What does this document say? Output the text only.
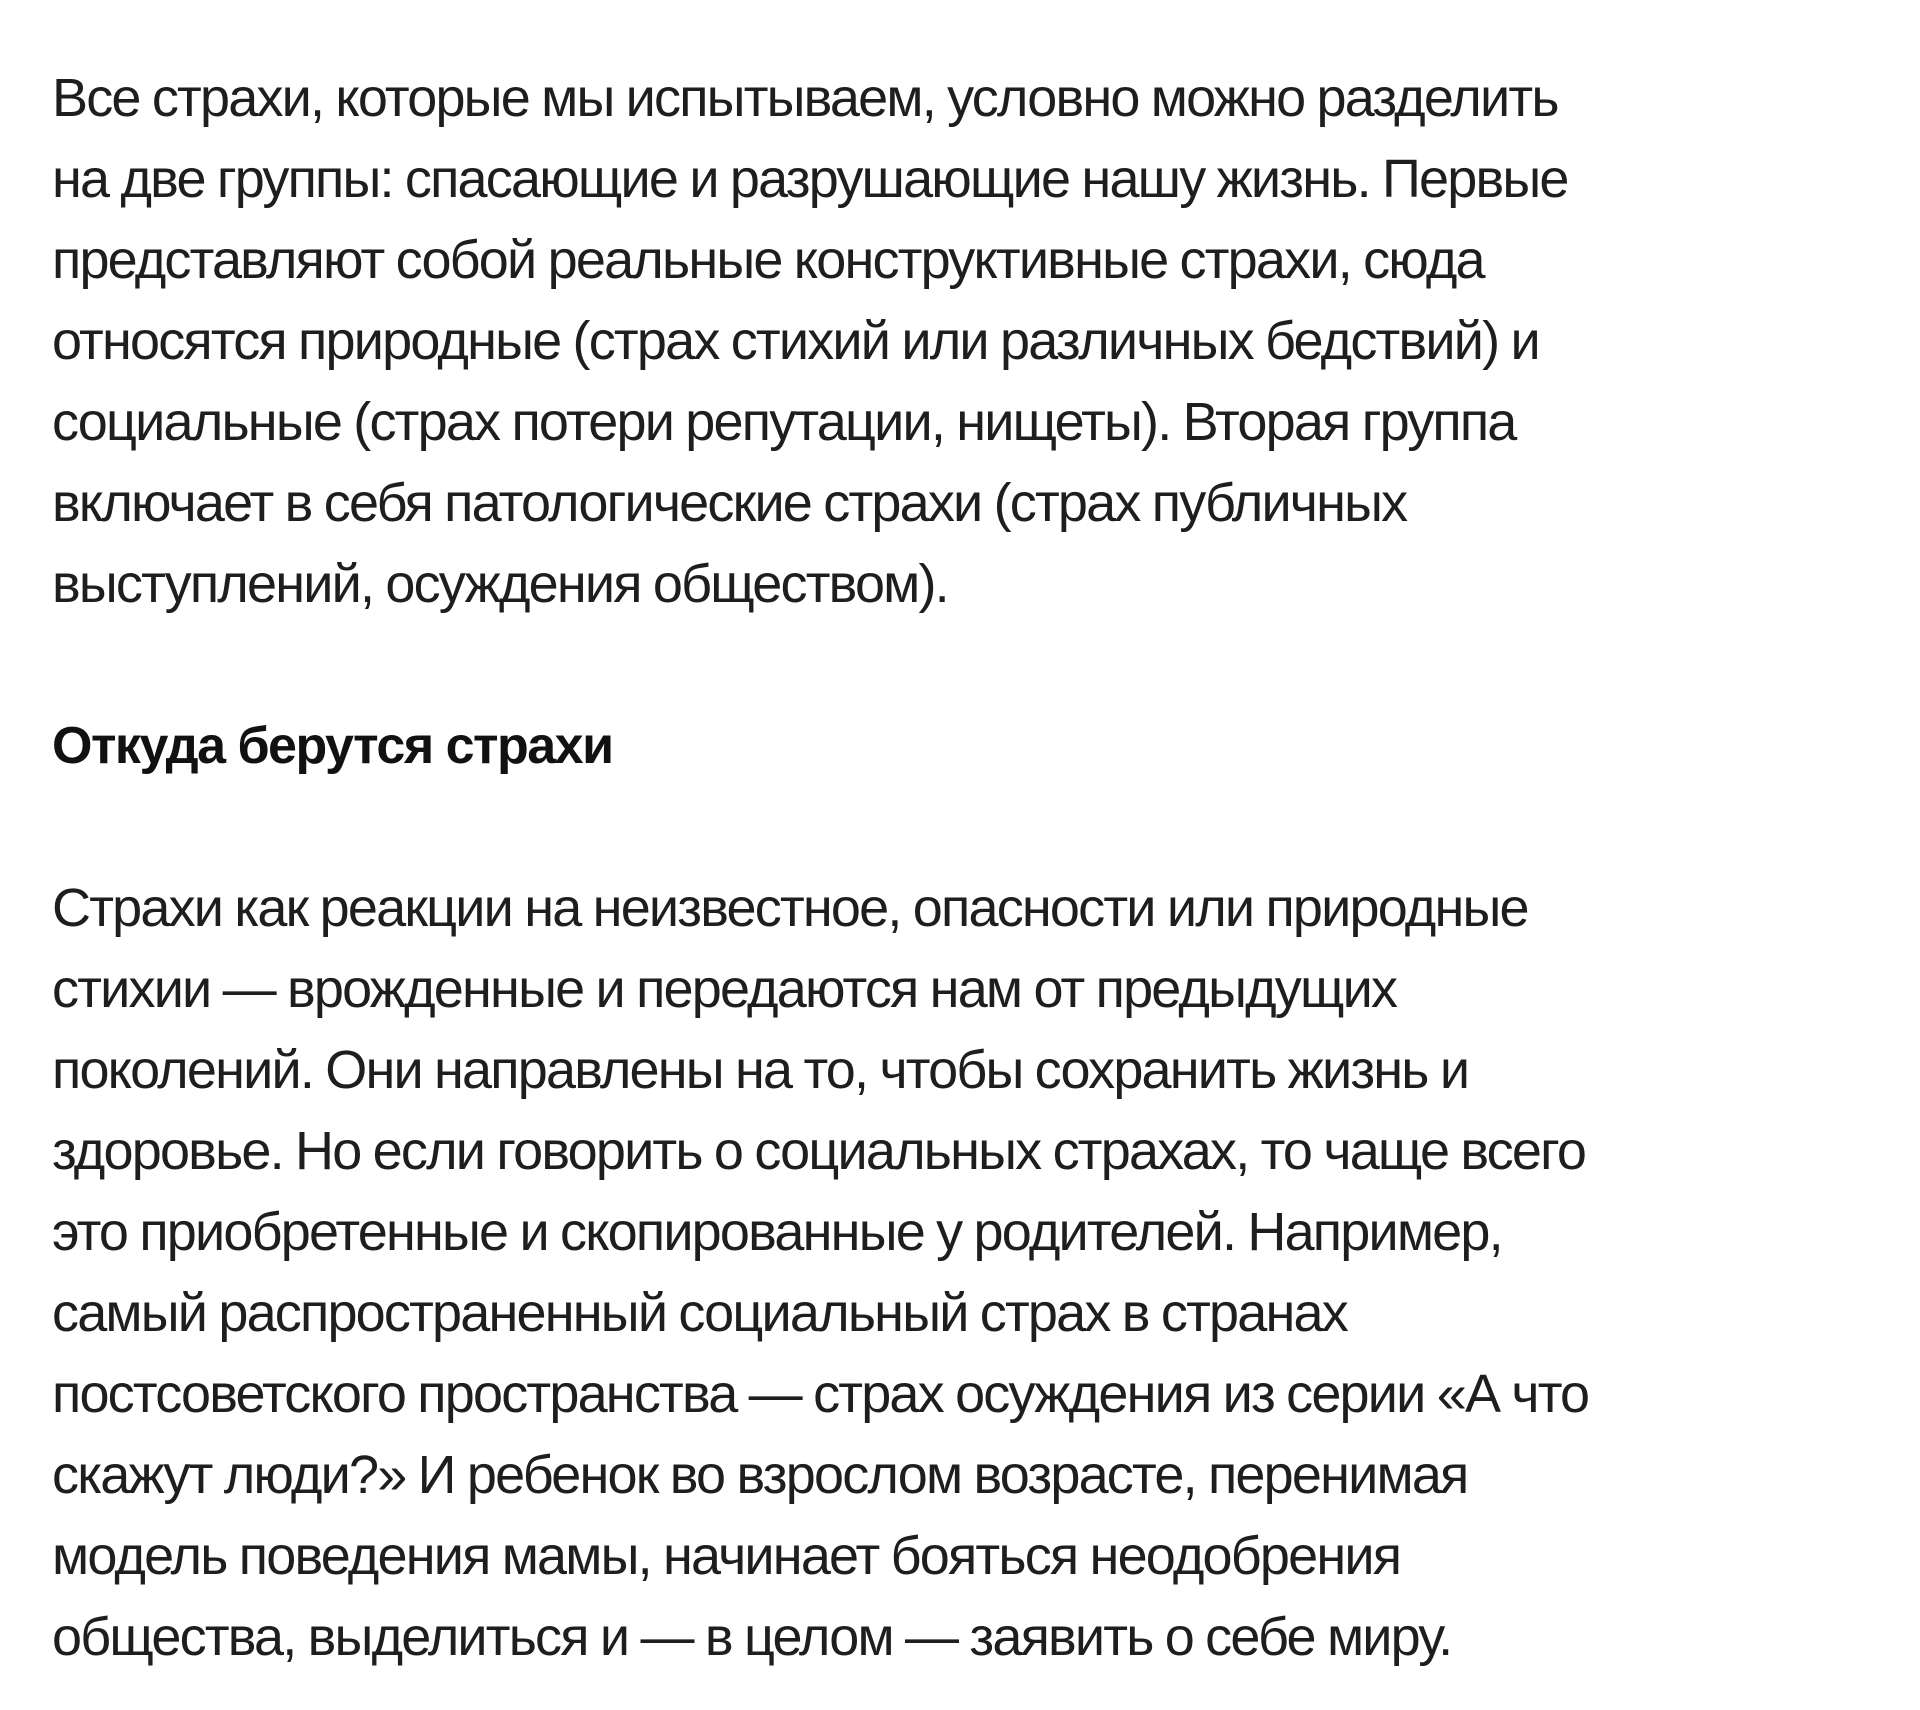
Все страхи, которые мы испытываем, условно можно разделить
на две группы: спасающие и разрушающие нашу жизнь. Первые
представляют собой реальные конструктивные страхи, сюда
относятся природные (страх стихий или различных бедствий) и
социальные (страх потери репутации, нищеты). Вторая группа
включает в себя патологические страхи (страх публичных
выступлений, осуждения обществом).

Откуда берутся страхи

Страхи как реакции на неизвестное, опасности или природные
стихии — врожденные и передаются нам от предыдущих
поколений. Они направлены на то, чтобы сохранить жизнь и
здоровье. Но если говорить о социальных страхах, то чаще всего
это приобретенные и скопированные у родителей. Например,
самый распространенный социальный страх в странах
постсоветского пространства — страх осуждения из серии «А что
скажут люди?» И ребенок во взрослом возрасте, перенимая
модель поведения мамы, начинает бояться неодобрения
общества, выделиться и — в целом — заявить о себе миру.
